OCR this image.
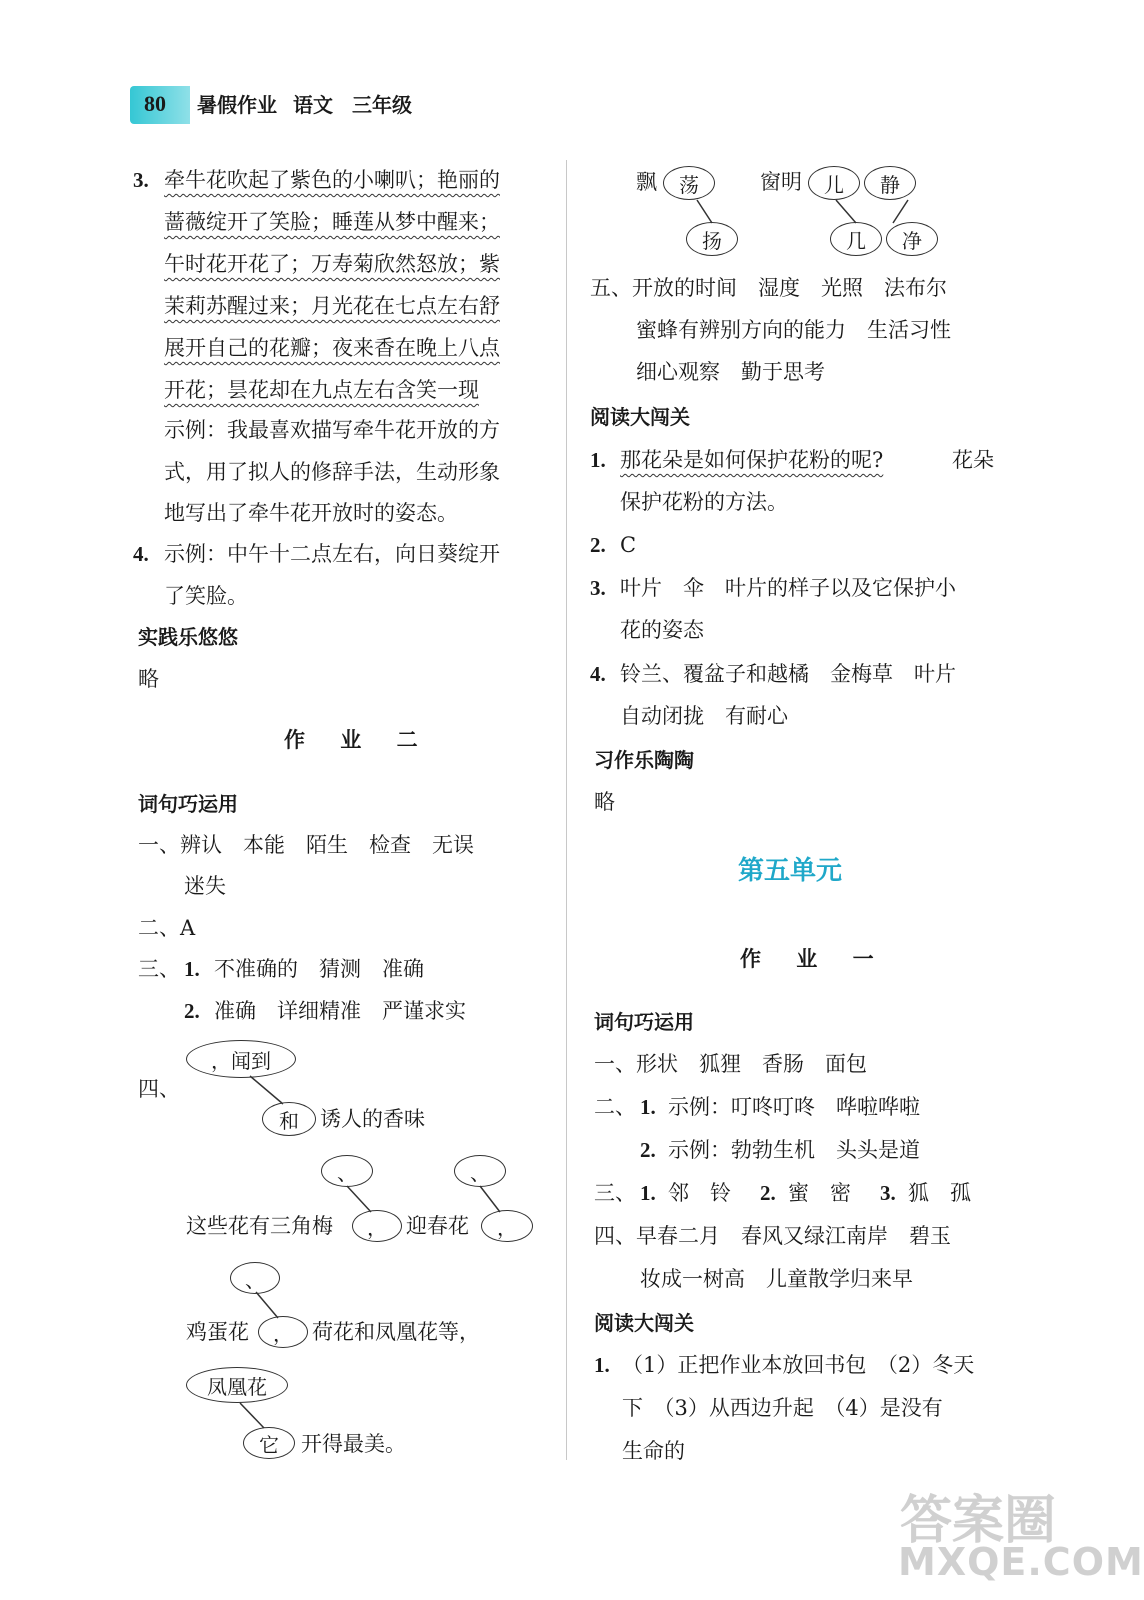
80 暑假作业 语文 三年级
3. 牵牛花吹起了紫色的小喇叭；艳丽的
蔷薇绽开了笑脸；睡莲从梦中醒来；
午时花开花了；万寿菊欣然怒放；紫
茉莉苏醒过来；月光花在七点左右舒
展开自己的花瓣；夜来香在晚上八点
开花；昙花却在九点左右含笑一现
示例：我最喜欢描写牵牛花开放的方
式，用了拟人的修辞手法，生动形象
地写出了牵牛花开放时的姿态。
4. 示例：中午十二点左右，向日葵绽开
了笑脸。
实践乐悠悠
略
作 业 二
词句巧运用
一、辨认　本能　陌生　检查　无误
迷失
二、A
三、 1. 不准确的　猜测　准确
2. 准确　详细精准　严谨求实
四、
，闻到
和	诱人的香味
、	、
这些花有三角梅	， 迎春花	，
、
鸡蛋花	， 荷花和凤凰花等，
凤凰花
它	开得最美。
飘	荡	窗明	儿	静
扬	几	净
五、开放的时间　湿度　光照　法布尔
蜜蜂有辨别方向的能力　生活习性
细心观察　勤于思考
阅读大闯关
1. 那花朵是如何保护花粉的呢?	花朵
保护花粉的方法。
2. C
3. 叶片　伞　叶片的样子以及它保护小
花的姿态
4. 铃兰、覆盆子和越橘　金梅草　叶片
自动闭拢　有耐心
习作乐陶陶
略
第五单元
作 业 一
词句巧运用
一、形状　狐狸　香肠　面包
二、 1. 示例：叮咚叮咚　哗啦哗啦
2. 示例：勃勃生机　头头是道
三、 1. 邻　铃 2. 蜜　密 3. 狐　孤
四、早春二月　春风又绿江南岸　碧玉
妆成一树高　儿童散学归来早
阅读大闯关
1. （1）正把作业本放回书包　（2）冬天
下　（3）从西边升起　（4）是没有
生命的
答案圈
MXQE.COM
